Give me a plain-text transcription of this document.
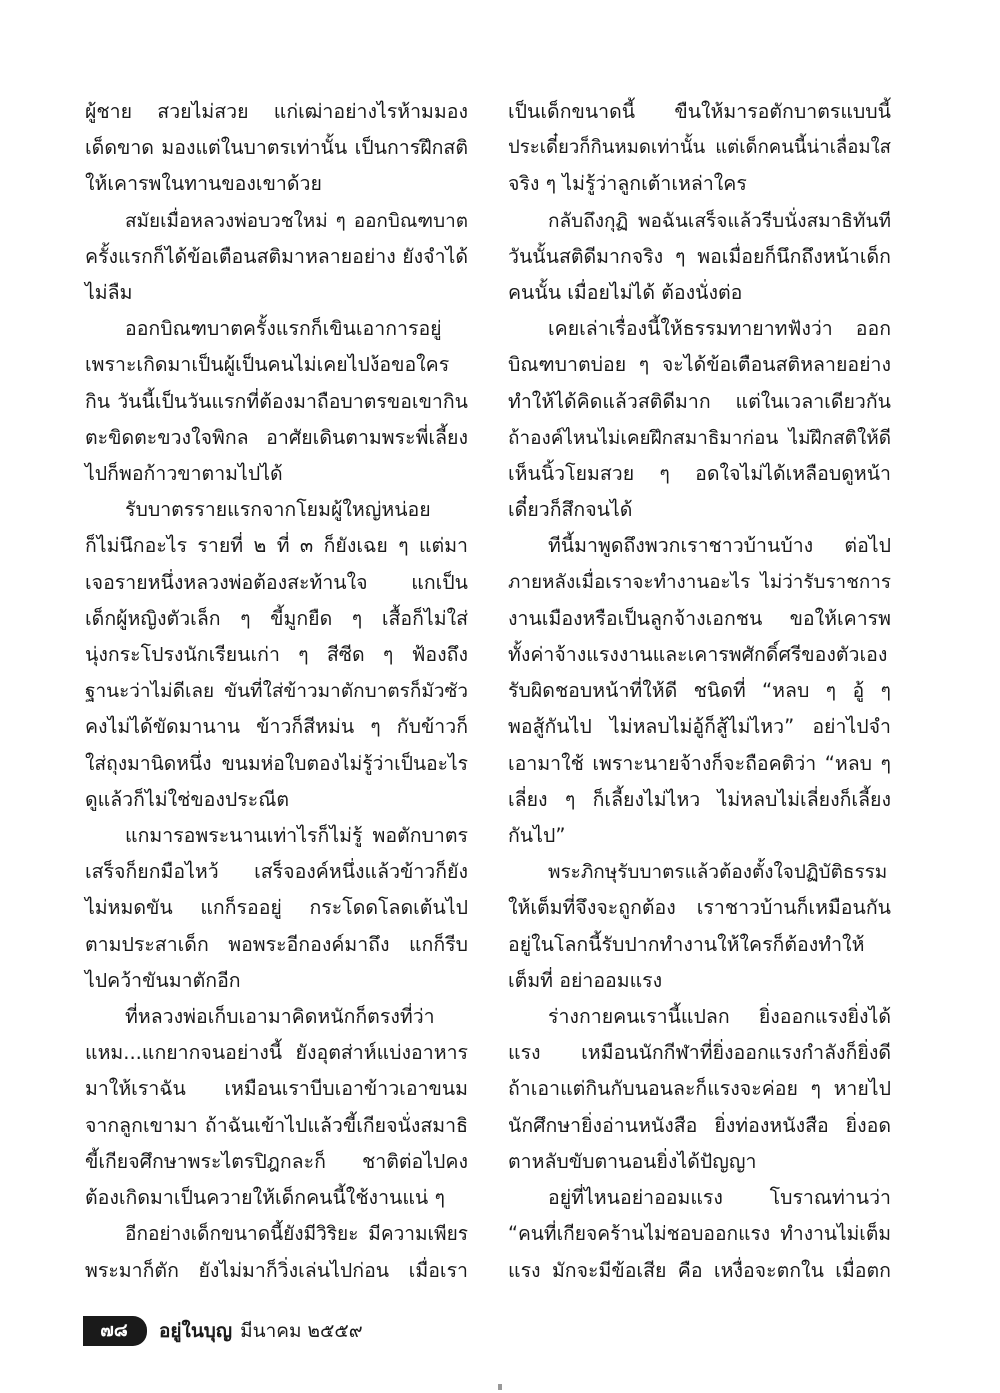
ผู้ชาย สวยไม่สวย แก่เฒ่าอย่างไรห้ามมอง

เด็ดขาด มองแต่ในบาตรเท่านั้น เป็นการฝึกสติ

ให้เคารพในทานของเขาด้วย

สมัยเมื่อหลวงพ่อบวชใหม่ ๆ ออกบิณฑบาต

ครั้งแรกก็ได้ข้อเตือนสติมาหลายอย่าง ยังจำได้

ไม่ลืม

ออกบิณฑบาตครั้งแรกก็เขินเอาการอยู่

เพราะเกิดมาเป็นผู้เป็นคนไม่เคยไปง้อขอใคร

กิน วันนี้เป็นวันแรกที่ต้องมาถือบาตรขอเขากิน

ตะขิดตะขวงใจพิกล อาศัยเดินตามพระพี่เลี้ยง

ไปก็พอก้าวขาตามไปได้

รับบาตรรายแรกจากโยมผู้ใหญ่หน่อย

ก็ไม่นึกอะไร รายที่ ๒ ที่ ๓ ก็ยังเฉย ๆ แต่มา

เจอรายหนึ่งหลวงพ่อต้องสะท้านใจ แกเป็น

เด็กผู้หญิงตัวเล็ก ๆ ขี้มูกยืด ๆ เสื้อก็ไม่ใส่

นุ่งกระโปรงนักเรียนเก่า ๆ สีซีด ๆ ฟ้องถึง

ฐานะว่าไม่ดีเลย ขันที่ใส่ข้าวมาตักบาตรก็มัวซัว

คงไม่ได้ขัดมานาน ข้าวก็สีหม่น ๆ กับข้าวก็

ใส่ถุงมานิดหนึ่ง ขนมห่อใบตองไม่รู้ว่าเป็นอะไร

ดูแล้วก็ไม่ใช่ของประณีต

แกมารอพระนานเท่าไรก็ไม่รู้ พอตักบาตร

เสร็จก็ยกมือไหว้ เสร็จองค์หนึ่งแล้วข้าวก็ยัง

ไม่หมดขัน แกก็รออยู่ กระโดดโลดเต้นไป

ตามประสาเด็ก พอพระอีกองค์มาถึง แกก็รีบ

ไปคว้าขันมาตักอีก

ที่หลวงพ่อเก็บเอามาคิดหนักก็ตรงที่ว่า

แหม...แกยากจนอย่างนี้ ยังอุตส่าห์แบ่งอาหาร

มาให้เราฉัน เหมือนเราบีบเอาข้าวเอาขนม

จากลูกเขามา ถ้าฉันเข้าไปแล้วขี้เกียจนั่งสมาธิ

ขี้เกียจศึกษาพระไตรปิฎกละก็ ชาติต่อไปคง

ต้องเกิดมาเป็นควายให้เด็กคนนี้ใช้งานแน่ ๆ

อีกอย่างเด็กขนาดนี้ยังมีวิริยะ มีความเพียร

พระมาก็ตัก ยังไม่มาก็วิ่งเล่นไปก่อน เมื่อเรา

เป็นเด็กขนาดนี้ ขืนให้มารอตักบาตรแบบนี้

ประเดี๋ยวก็กินหมดเท่านั้น แต่เด็กคนนี้น่าเลื่อมใส

จริง ๆ ไม่รู้ว่าลูกเต้าเหล่าใคร

กลับถึงกุฏิ พอฉันเสร็จแล้วรีบนั่งสมาธิทันที

วันนั้นสติดีมากจริง ๆ พอเมื่อยก็นึกถึงหน้าเด็ก

คนนั้น เมื่อยไม่ได้ ต้องนั่งต่อ

เคยเล่าเรื่องนี้ให้ธรรมทายาทฟังว่า ออก

บิณฑบาตบ่อย ๆ จะได้ข้อเตือนสติหลายอย่าง

ทำให้ได้คิดแล้วสติดีมาก แต่ในเวลาเดียวกัน

ถ้าองค์ไหนไม่เคยฝึกสมาธิมาก่อน ไม่ฝึกสติให้ดี

เห็นนิ้วโยมสวย ๆ อดใจไม่ได้เหลือบดูหน้า

เดี๋ยวก็สึกจนได้

ทีนี้มาพูดถึงพวกเราชาวบ้านบ้าง ต่อไป

ภายหลังเมื่อเราจะทำงานอะไร ไม่ว่ารับราชการ

งานเมืองหรือเป็นลูกจ้างเอกชน ขอให้เคารพ

ทั้งค่าจ้างแรงงานและเคารพศักดิ์ศรีของตัวเอง

รับผิดชอบหน้าที่ให้ดี ชนิดที่ “หลบ ๆ อู้ ๆ

พอสู้กันไป ไม่หลบไม่อู้ก็สู้ไม่ไหว” อย่าไปจำ

เอามาใช้ เพราะนายจ้างก็จะถือคติว่า “หลบ ๆ

เลี่ยง ๆ ก็เลี้ยงไม่ไหว ไม่หลบไม่เลี่ยงก็เลี้ยง

กันไป”

พระภิกษุรับบาตรแล้วต้องตั้งใจปฏิบัติธรรม

ให้เต็มที่จึงจะถูกต้อง เราชาวบ้านก็เหมือนกัน

อยู่ในโลกนี้รับปากทำงานให้ใครก็ต้องทำให้

เต็มที่ อย่าออมแรง

ร่างกายคนเรานี้แปลก ยิ่งออกแรงยิ่งได้

แรง เหมือนนักกีฬาที่ยิ่งออกแรงกำลังก็ยิ่งดี

ถ้าเอาแต่กินกับนอนละก็แรงจะค่อย ๆ หายไป

นักศึกษายิ่งอ่านหนังสือ ยิ่งท่องหนังสือ ยิ่งอด

ตาหลับขับตานอนยิ่งได้ปัญญา

อยู่ที่ไหนอย่าออมแรง โบราณท่านว่า

“คนที่เกียจคร้านไม่ชอบออกแรง ทำงานไม่เต็ม

แรง มักจะมีข้อเสีย คือ เหงื่อจะตกใน เมื่อตก

๗๘	อยู่ในบุญ มีนาคม ๒๕๕๙
